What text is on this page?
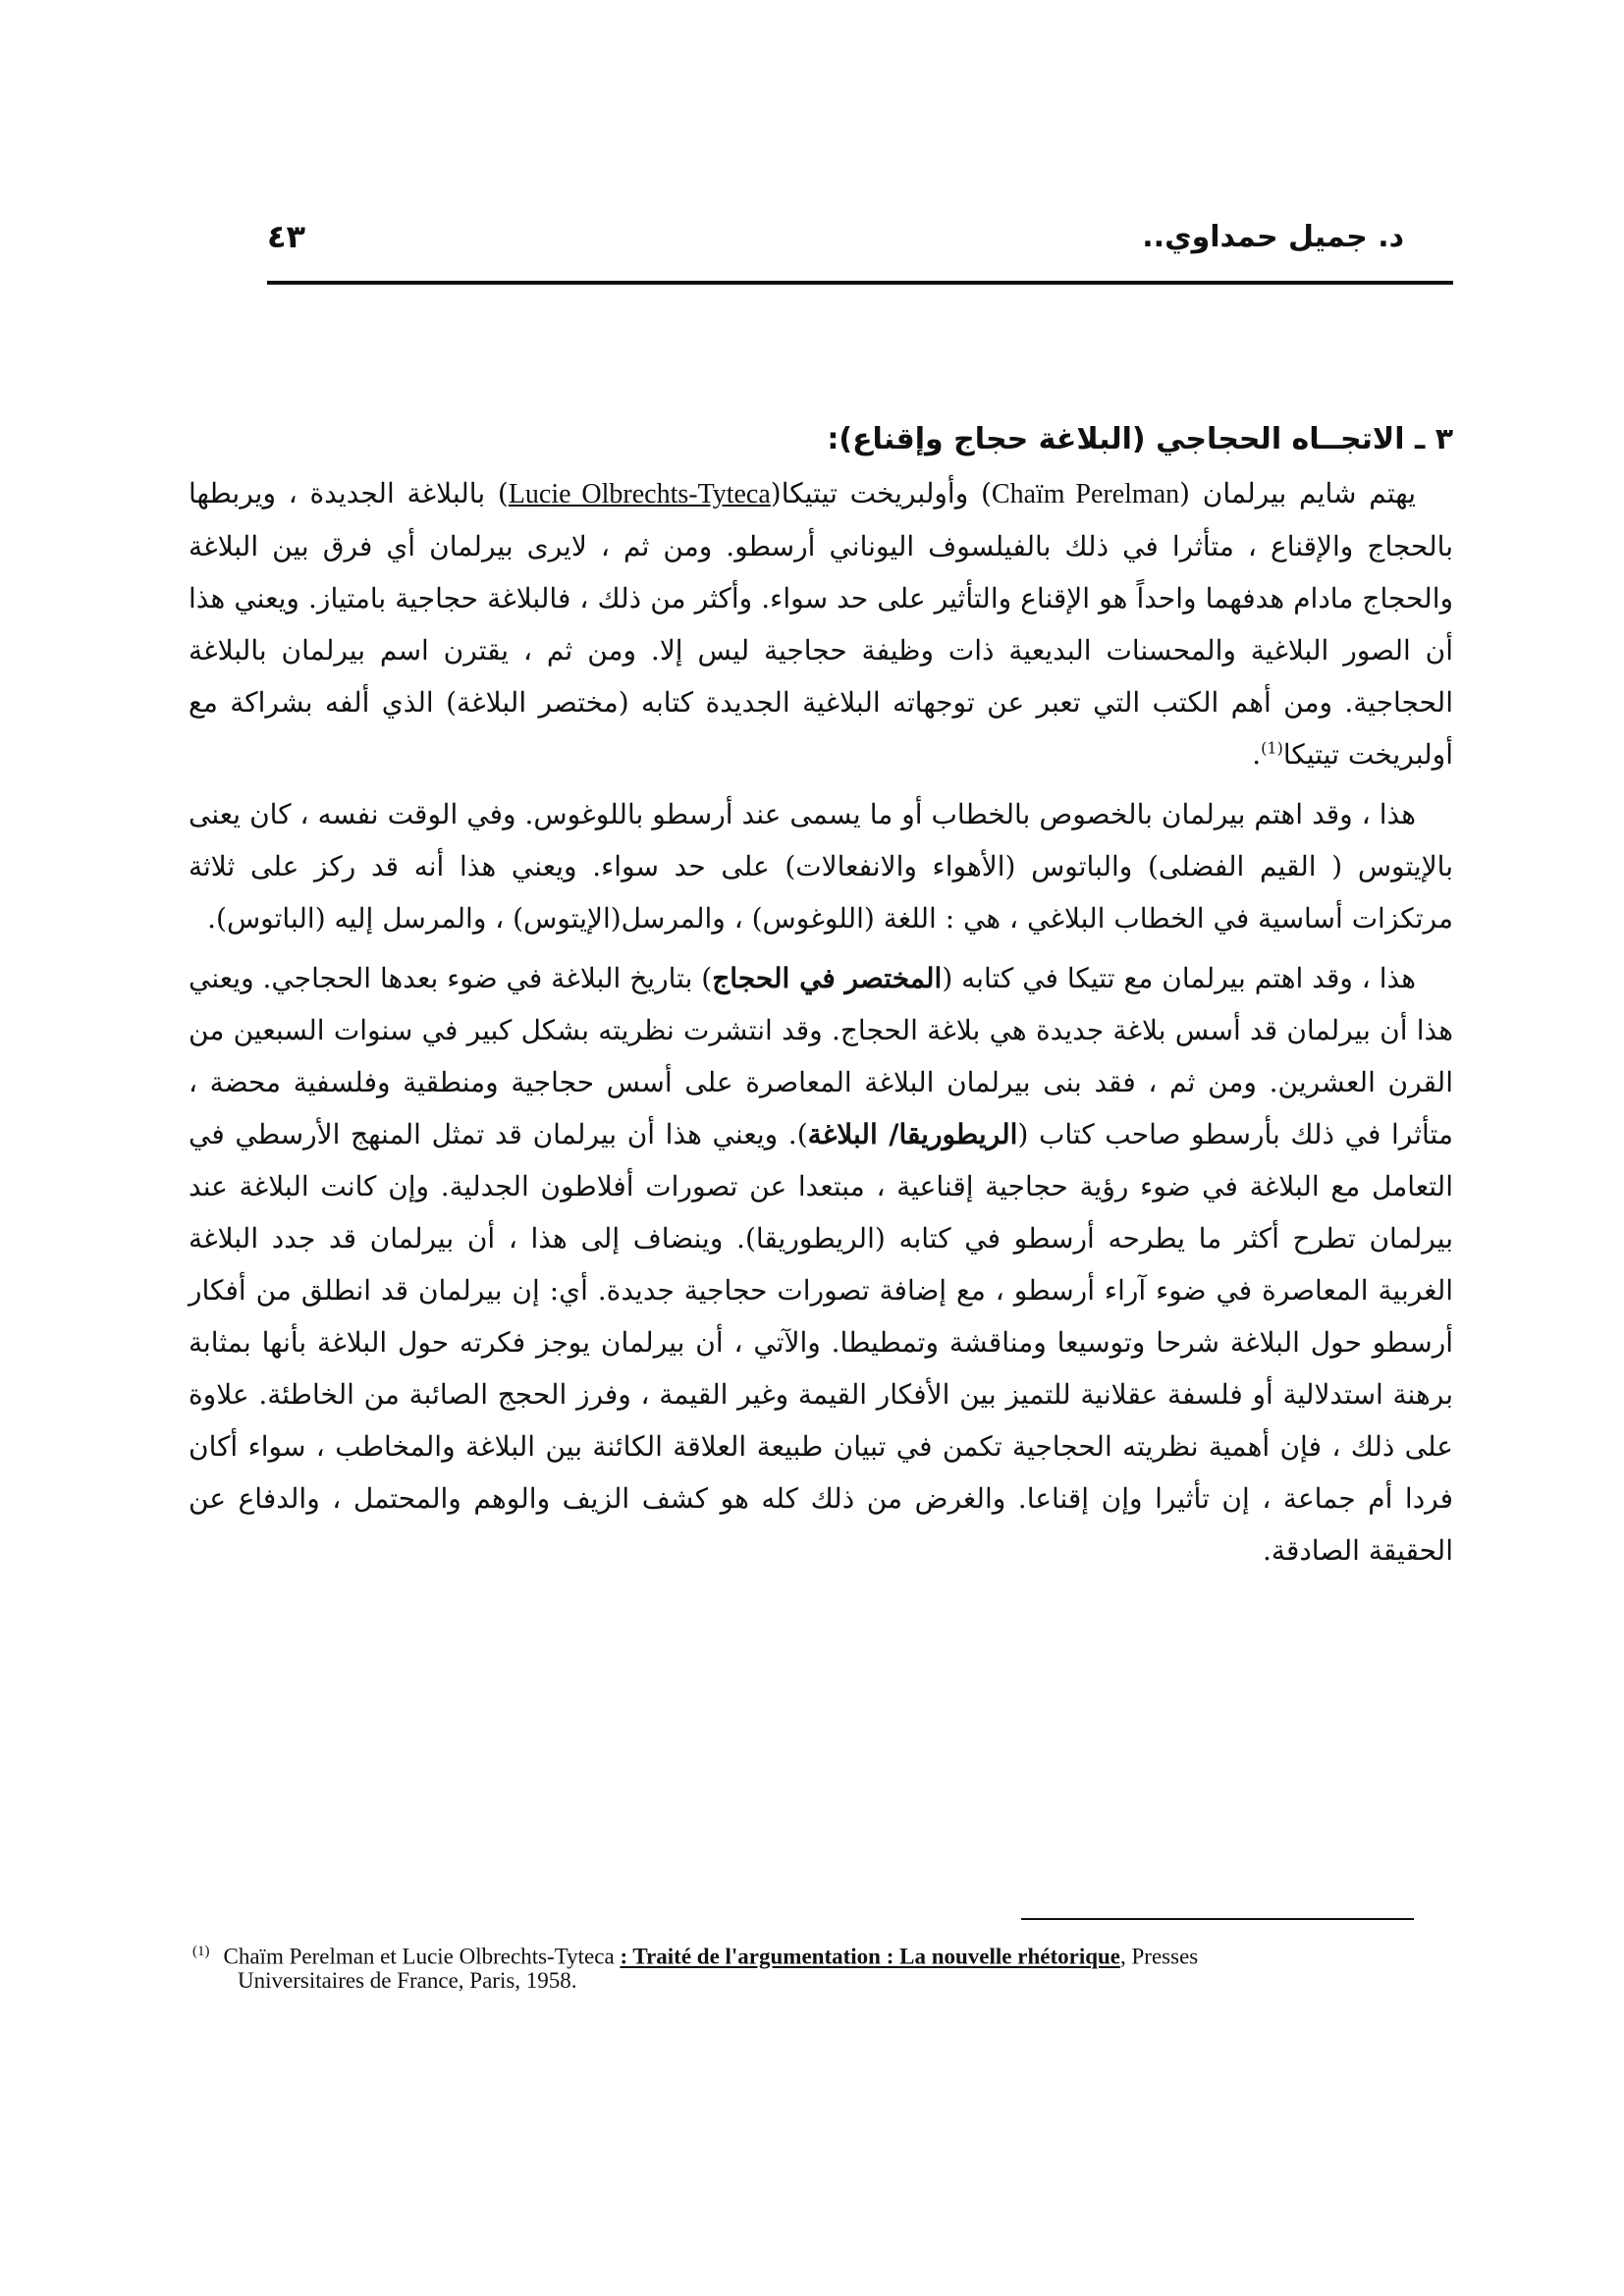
د. جميل حمداوي..
٤٣
٣ ـ الاتجــاه الحجاجي (البلاغة حجاج وإقناع):

يهتم شايم بيرلمان (Chaïm Perelman) وأولبريخت تيتيكا(Lucie Olbrechts-Tyteca) بالبلاغة الجديدة ، ويربطها بالحجاج والإقناع ، متأثرا في ذلك بالفيلسوف اليوناني أرسطو. ومن ثم ، لايرى بيرلمان أي فرق بين البلاغة والحجاج مادام هدفهما واحداً هو الإقناع والتأثير على حد سواء. وأكثر من ذلك ، فالبلاغة حجاجية بامتياز. ويعني هذا أن الصور البلاغية والمحسنات البديعية ذات وظيفة حجاجية ليس إلا. ومن ثم ، يقترن اسم بيرلمان بالبلاغة الحجاجية. ومن أهم الكتب التي تعبر عن توجهاته البلاغية الجديدة كتابه (مختصر البلاغة) الذي ألفه بشراكة مع أولبريخت تيتيكا$^{(1)}$.

هذا ، وقد اهتم بيرلمان بالخصوص بالخطاب أو ما يسمى عند أرسطو باللوغوس. وفي الوقت نفسه ، كان يعنى بالإيتوس ( القيم الفضلى) والباتوس (الأهواء والانفعالات) على حد سواء. ويعني هذا أنه قد ركز على ثلاثة مرتكزات أساسية في الخطاب البلاغي ، هي : اللغة (اللوغوس) ، والمرسل(الإيتوس) ، والمرسل إليه (الباتوس).

هذا ، وقد اهتم بيرلمان مع تتيكا في كتابه (المختصر في الحجاج) بتاريخ البلاغة في ضوء بعدها الحجاجي. ويعني هذا أن بيرلمان قد أسس بلاغة جديدة هي بلاغة الحجاج. وقد انتشرت نظريته بشكل كبير في سنوات السبعين من القرن العشرين. ومن ثم ، فقد بنى بيرلمان البلاغة المعاصرة على أسس حجاجية ومنطقية وفلسفية محضة ، متأثرا في ذلك بأرسطو صاحب كتاب (الريطوريقا/ البلاغة). ويعني هذا أن بيرلمان قد تمثل المنهج الأرسطي في التعامل مع البلاغة في ضوء رؤية حجاجية إقناعية ، مبتعدا عن تصورات أفلاطون الجدلية. وإن كانت البلاغة عند بيرلمان تطرح أكثر ما يطرحه أرسطو في كتابه (الريطوريقا). وينضاف إلى هذا ، أن بيرلمان قد جدد البلاغة الغربية المعاصرة في ضوء آراء أرسطو ، مع إضافة تصورات حجاجية جديدة. أي: إن بيرلمان قد انطلق من أفكار أرسطو حول البلاغة شرحا وتوسيعا ومناقشة وتمطيطا. والآتي ، أن بيرلمان يوجز فكرته حول البلاغة بأنها بمثابة برهنة استدلالية أو فلسفة عقلانية للتميز بين الأفكار القيمة وغير القيمة ، وفرز الحجج الصائبة من الخاطئة. علاوة على ذلك ، فإن أهمية نظريته الحجاجية تكمن في تبيان طبيعة العلاقة الكائنة بين البلاغة والمخاطب ، سواء أكان فردا أم جماعة ، إن تأثيرا وإن إقناعا. والغرض من ذلك كله هو كشف الزيف والوهم والمحتمل ، والدفاع عن الحقيقة الصادقة.

$^{(1)}$ Chaïm Perelman et Lucie Olbrechts-Tyteca : Traité de l'argumentation : La nouvelle rhétorique, Presses
Universitaires de France, Paris, 1958.
